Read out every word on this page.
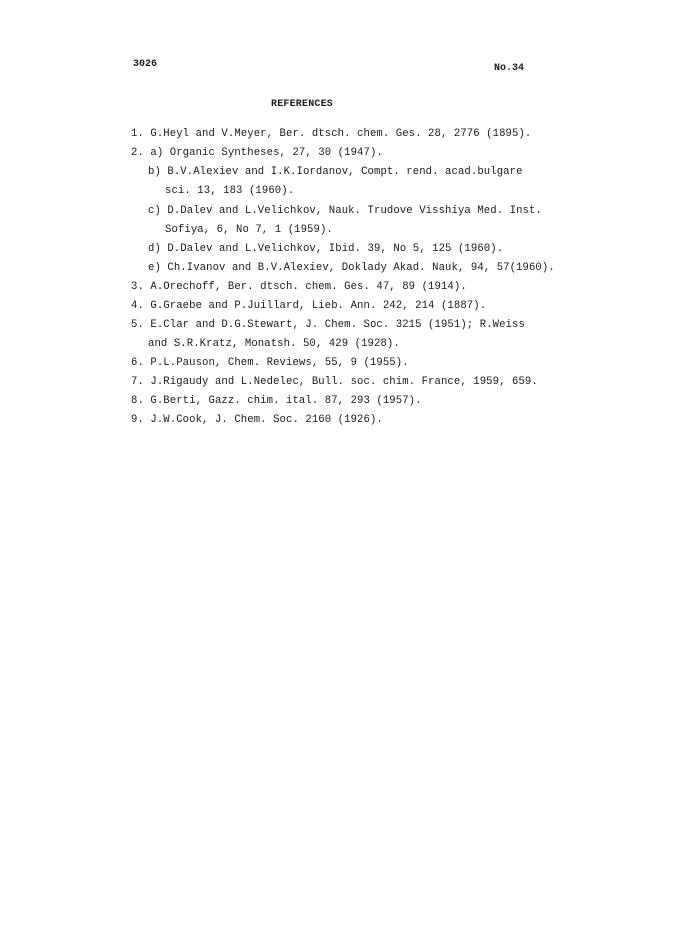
3026	No.34
REFERENCES
1. G.Heyl and V.Meyer, Ber. dtsch. chem. Ges. 28, 2776 (1895).
2. a) Organic Syntheses, 27, 30 (1947).
b) B.V.Alexiev and I.K.Iordanov, Compt. rend. acad.bulgare
sci. 13, 183 (1960).
c) D.Dalev and L.Velichkov, Nauk. Trudove Visshiya Med. Inst.
Sofiya, 6, No 7, 1 (1959).
d) D.Dalev and L.Velichkov, Ibid. 39, No 5, 125 (1960).
e) Ch.Ivanov and B.V.Alexiev, Doklady Akad. Nauk, 94, 57(1960).
3. A.Orechoff, Ber. dtsch. chem. Ges. 47, 89 (1914).
4. G.Graebe and P.Juillard, Lieb. Ann. 242, 214 (1887).
5. E.Clar and D.G.Stewart, J. Chem. Soc. 3215 (1951); R.Weiss
and S.R.Kratz, Monatsh. 50, 429 (1928).
6. P.L.Pauson, Chem. Reviews, 55, 9 (1955).
7. J.Rigaudy and L.Nedelec, Bull. soc. chim. France, 1959, 659.
8. G.Berti, Gazz. chim. ital. 87, 293 (1957).
9. J.W.Cook, J. Chem. Soc. 2160 (1926).
